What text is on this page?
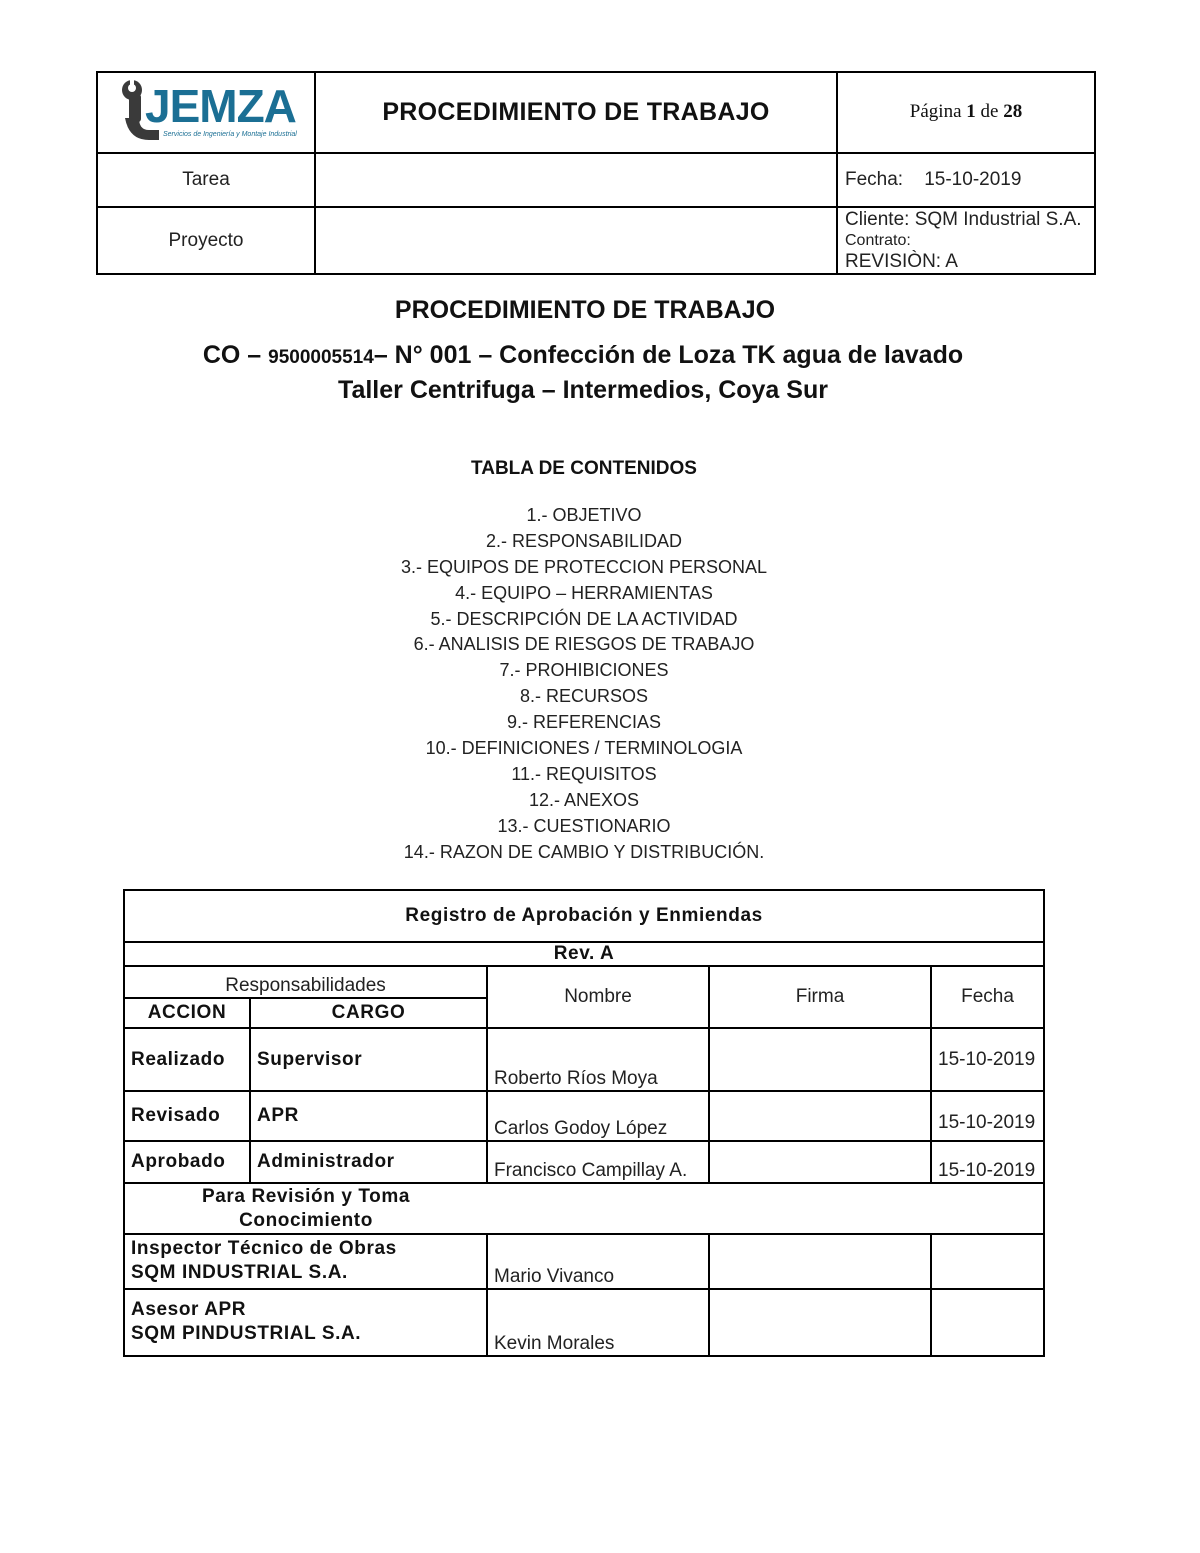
JEMZA
Servicios de Ingeniería y Montaje Industrial	PROCEDIMIENTO DE TRABAJO	Página 1 de 28
Tarea		Fecha: 15-10-2019
Proyecto		Cliente: SQM Industrial S.A.
Contrato:
REVISIÒN: A
PROCEDIMIENTO DE TRABAJO
CO – 9500005514– N° 001 – Confección de Loza TK agua de lavado
Taller Centrifuga – Intermedios, Coya Sur
TABLA DE CONTENIDOS
1.- OBJETIVO
2.- RESPONSABILIDAD
3.- EQUIPOS DE PROTECCION PERSONAL
4.- EQUIPO – HERRAMIENTAS
5.- DESCRIPCIÓN DE LA ACTIVIDAD
6.- ANALISIS DE RIESGOS DE TRABAJO
7.- PROHIBICIONES
8.- RECURSOS
9.- REFERENCIAS
10.- DEFINICIONES / TERMINOLOGIA
11.- REQUISITOS
12.- ANEXOS
13.- CUESTIONARIO
14.- RAZON DE CAMBIO Y DISTRIBUCIÓN.
Registro de Aprobación y Enmiendas				
Rev. A				
Responsabilidades		Nombre	Firma	Fecha
ACCION	CARGO			
Realizado	Supervisor	Roberto Ríos Moya		15-10-2019
Revisado	APR	Carlos Godoy López		15-10-2019
Aprobado	Administrador	Francisco Campillay A.		15-10-2019

Para Revisión y Toma
Conocimiento				

Inspector Técnico de Obras
SQM INDUSTRIAL S.A.		Mario Vivanco		

Asesor APR
SQM PINDUSTRIAL S.A.		Kevin Morales		
